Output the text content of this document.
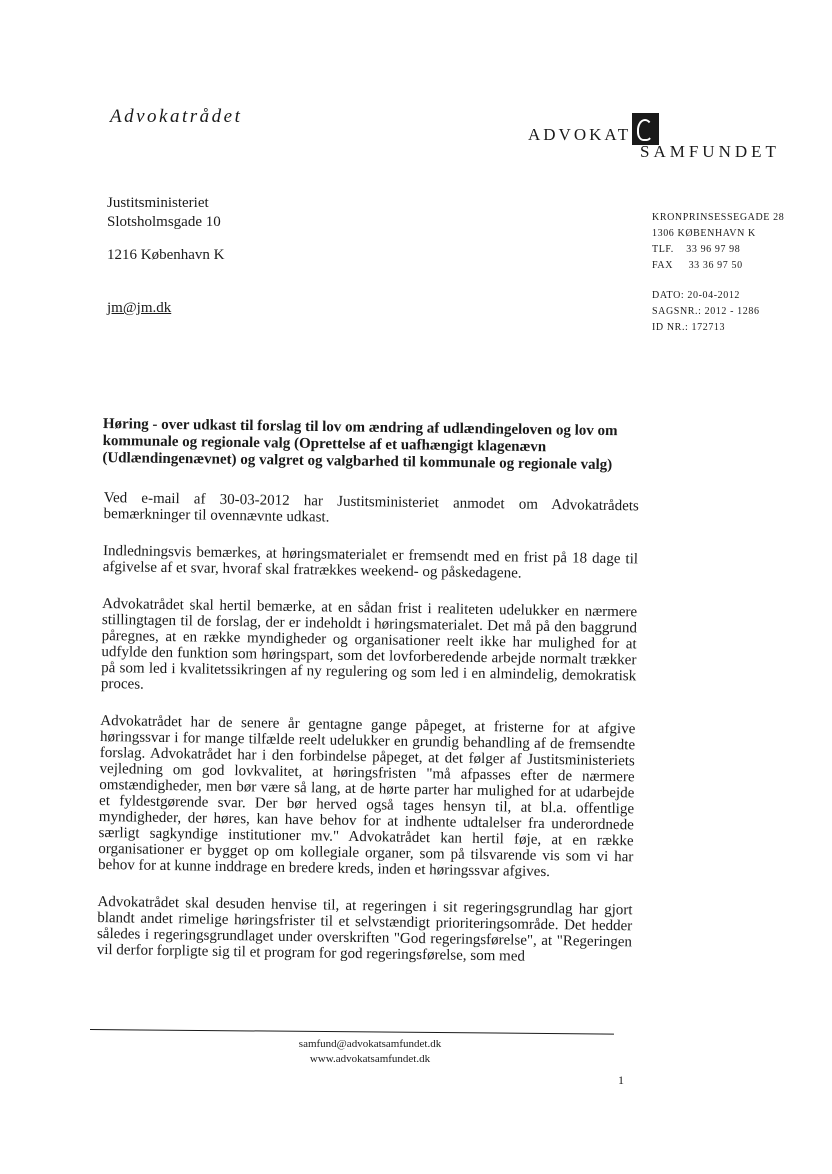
Advokatrådet
ADVOKAT
SAMFUNDET
Justitsministeriet
Slotsholmsgade 10
1216 København K
jm@jm.dk
KRONPRINSESSEGADE 28
1306 KØBENHAVN K
TLF.    33 96 97 98
FAX     33 36 97 50
DATO: 20-04-2012
SAGSNR.: 2012 - 1286
ID NR.: 172713
Høring - over udkast til forslag til lov om ændring af udlændingeloven og lov om kommunale og regionale valg (Oprettelse af et uafhængigt klagenævn (Udlændingenævnet) og valgret og valgbarhed til kommunale og regionale valg)

Ved e-mail af 30-03-2012 har Justitsministeriet anmodet om Advokatrådets bemærkninger til ovennævnte udkast.

Indledningsvis bemærkes, at høringsmaterialet er fremsendt med en frist på 18 dage til afgivelse af et svar, hvoraf skal fratrækkes weekend- og påskedagene.

Advokatrådet skal hertil bemærke, at en sådan frist i realiteten udelukker en nærmere stillingtagen til de forslag, der er indeholdt i høringsmaterialet. Det må på den baggrund påregnes, at en række myndigheder og organisationer reelt ikke har mulighed for at udfylde den funktion som høringspart, som det lovforberedende arbejde normalt trækker på som led i kvalitetssikringen af ny regulering og som led i en almindelig, demokratisk proces.

Advokatrådet har de senere år gentagne gange påpeget, at fristerne for at afgive høringssvar i for mange tilfælde reelt udelukker en grundig behandling af de fremsendte forslag. Advokatrådet har i den forbindelse påpeget, at det følger af Justitsministeriets vejledning om god lovkvalitet, at høringsfristen "må afpasses efter de nærmere omstændigheder, men bør være så lang, at de hørte parter har mulighed for at udarbejde et fyldestgørende svar. Der bør herved også tages hensyn til, at bl.a. offentlige myndigheder, der høres, kan have behov for at indhente udtalelser fra underordnede særligt sagkyndige institutioner mv." Advokatrådet kan hertil føje, at en række organisationer er bygget op om kollegiale organer, som på tilsvarende vis som vi har behov for at kunne inddrage en bredere kreds, inden et høringssvar afgives.

Advokatrådet skal desuden henvise til, at regeringen i sit regeringsgrundlag har gjort blandt andet rimelige høringsfrister til et selvstændigt prioriteringsområde. Det hedder således i regeringsgrundlaget under overskriften "God regeringsførelse", at "Regeringen vil derfor forpligte sig til et program for god regeringsførelse, som med

samfund@advokatsamfundet.dk
www.advokatsamfundet.dk
1
